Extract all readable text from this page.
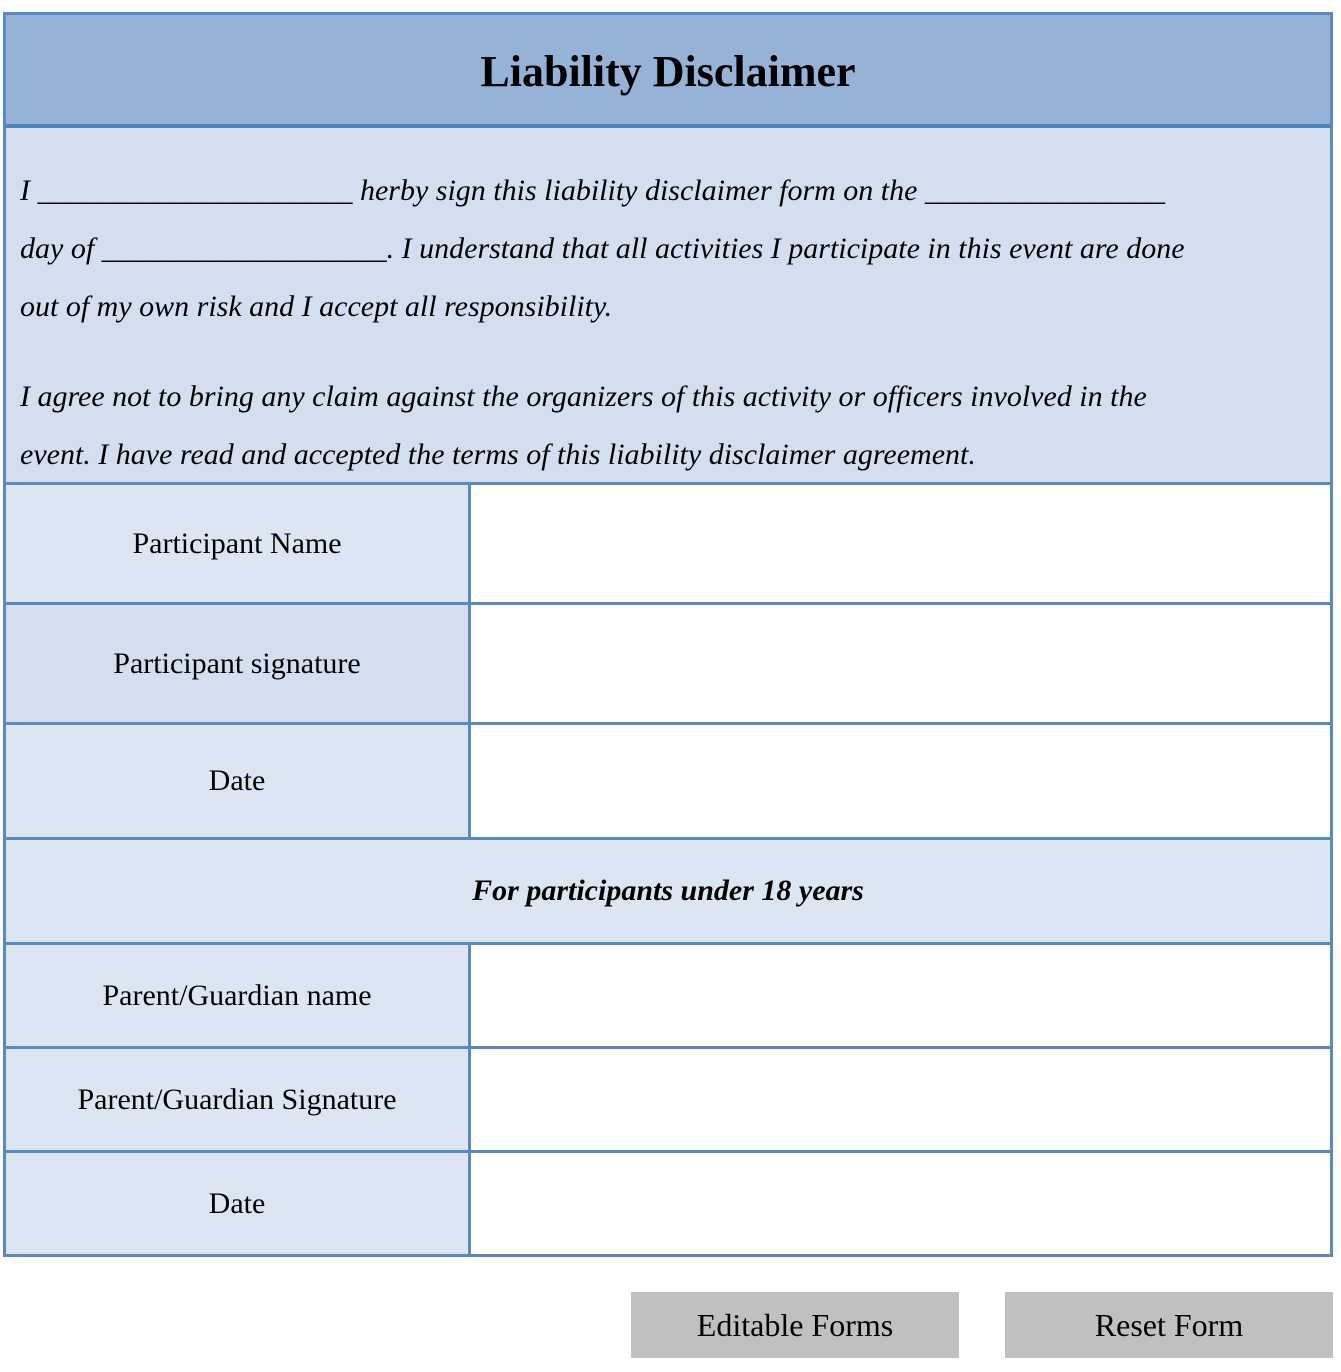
Liability Disclaimer

I _____________________ herby sign this liability disclaimer form on the ________________
day of ___________________. I understand that all activities I participate in this event are done
out of my own risk and I accept all responsibility.

I agree not to bring any claim against the organizers of this activity or officers involved in the
event. I have read and accepted the terms of this liability disclaimer agreement.

Participant Name
Participant signature
Date
For participants under 18 years
Parent/Guardian name
Parent/Guardian Signature
Date
Editable Forms	Reset Form
